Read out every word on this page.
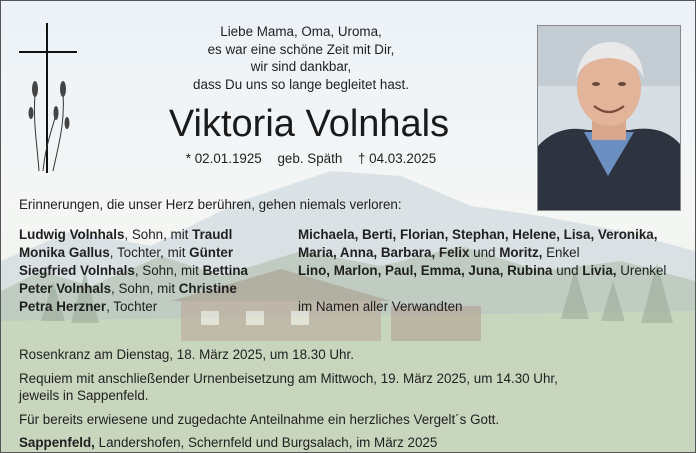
Liebe Mama, Oma, Uroma,
es war eine schöne Zeit mit Dir,
wir sind dankbar,
dass Du uns so lange begleitet hast.
Viktoria Volnhals
* 02.01.1925 geb. Späth † 04.03.2025
Erinnerungen, die unser Herz berühren, gehen niemals verloren:
Ludwig Volnhals, Sohn, mit Traudl
Monika Gallus, Tochter, mit Günter
Siegfried Volnhals, Sohn, mit Bettina
Peter Volnhals, Sohn, mit Christine
Petra Herzner, Tochter
Michaela, Berti, Florian, Stephan, Helene, Lisa, Veronika,
Maria, Anna, Barbara, Felix und Moritz, Enkel
Lino, Marlon, Paul, Emma, Juna, Rubina und Livia, Urenkel

im Namen aller Verwandten
Rosenkranz am Dienstag, 18. März 2025, um 18.30 Uhr.
Requiem mit anschließender Urnenbeisetzung am Mittwoch, 19. März 2025, um 14.30 Uhr,
jeweils in Sappenfeld.
Für bereits erwiesene und zugedachte Anteilnahme ein herzliches Vergelt´s Gott.
Sappenfeld, Landershofen, Schernfeld und Burgsalach, im März 2025
